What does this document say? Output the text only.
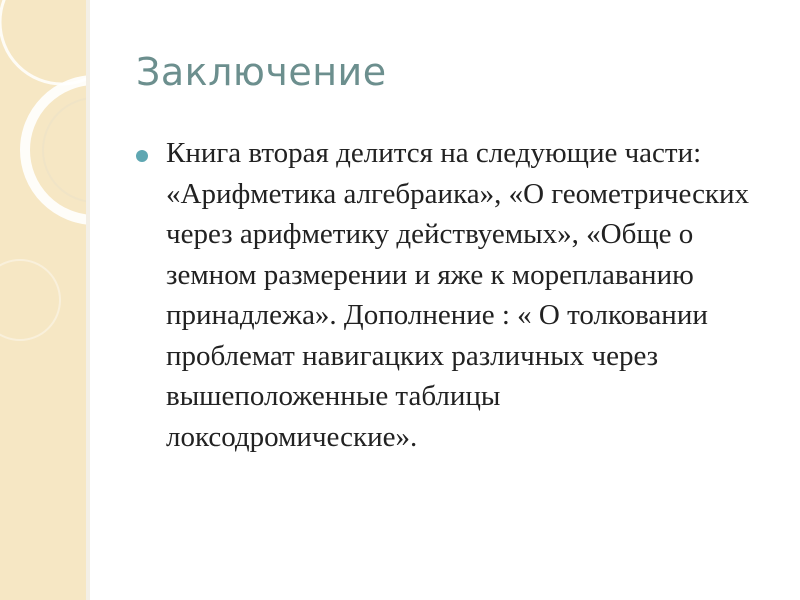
Заключение
Книга вторая делится на следующие части: «Арифметика алгебраика», «О геометрических через арифметику действуемых», «Обще о земном размерении и яже к мореплаванию принадлежа». Дополнение : « О толковании проблемат навигацких различных через вышеположенные таблицы локсодромические».
